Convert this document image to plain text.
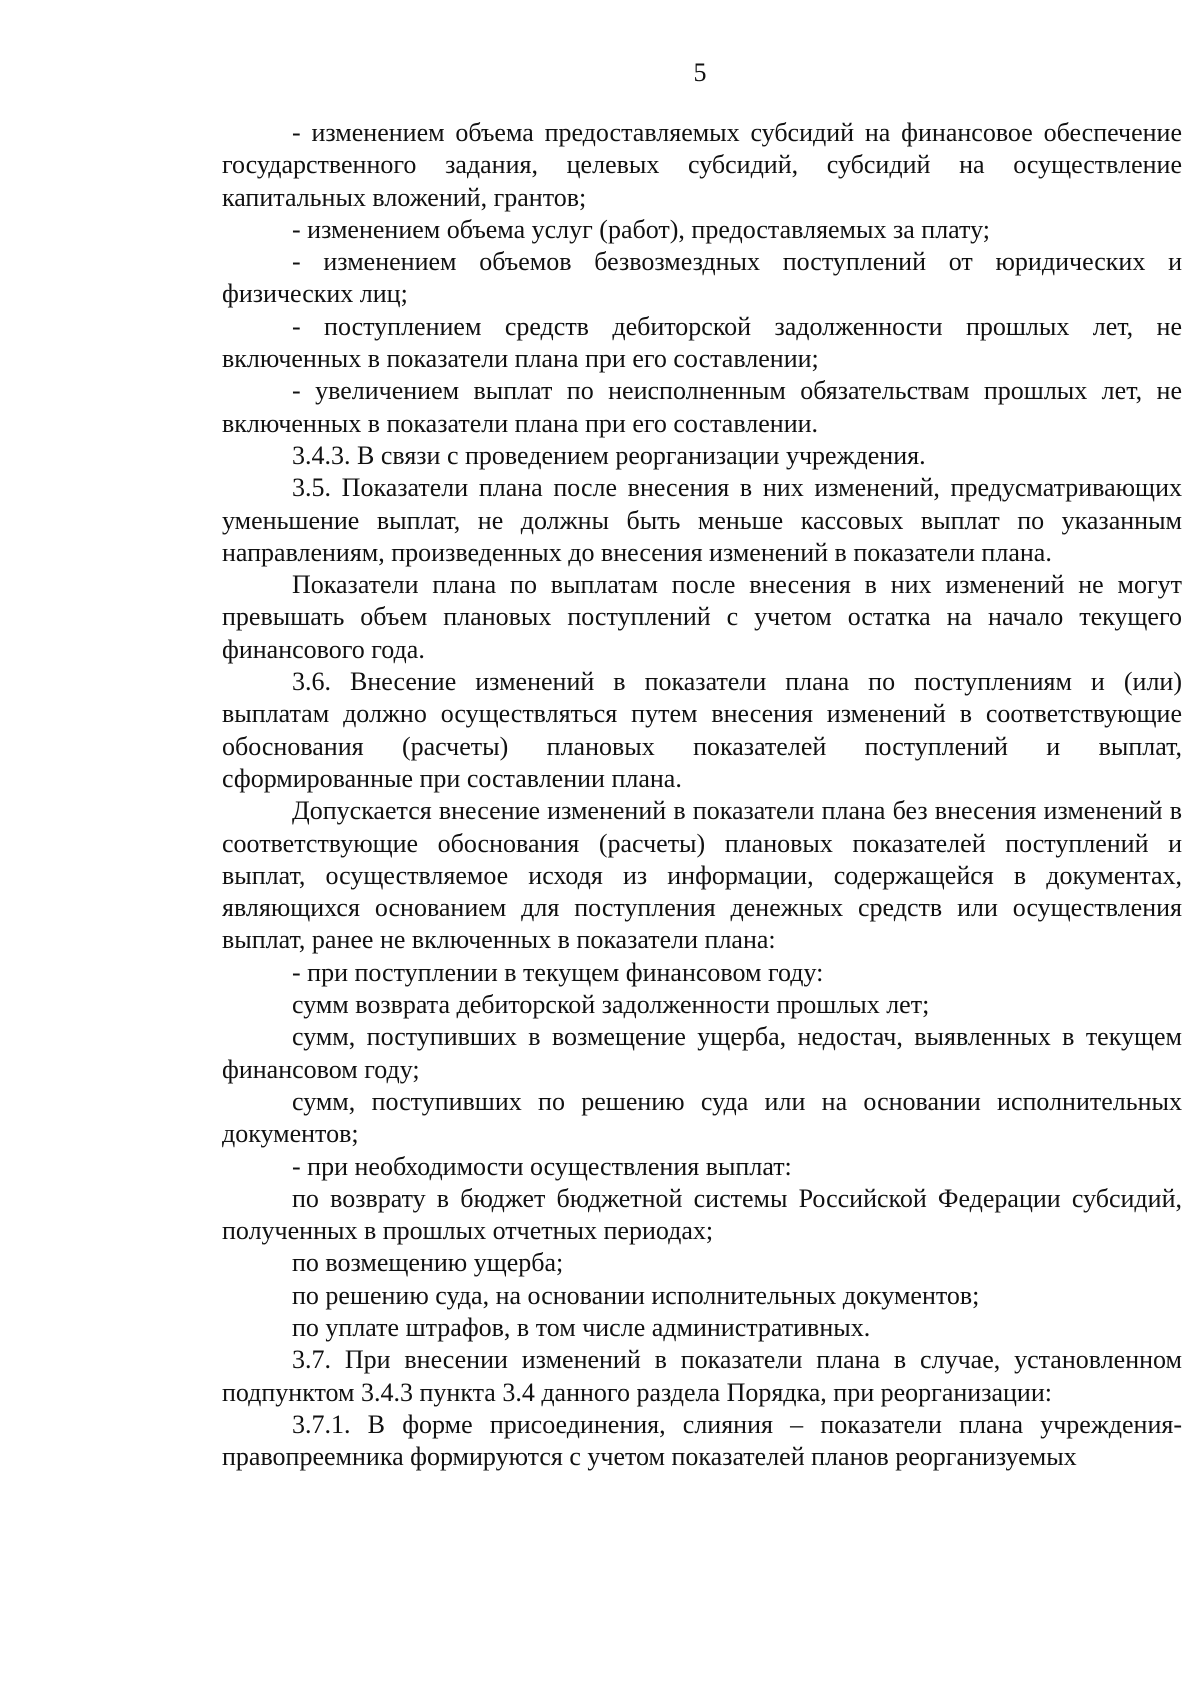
5

- изменением объема предоставляемых субсидий на финансовое обеспечение государственного задания, целевых субсидий, субсидий на осуществление капитальных вложений, грантов;

- изменением объема услуг (работ), предоставляемых за плату;

- изменением объемов безвозмездных поступлений от юридических и физических лиц;

- поступлением средств дебиторской задолженности прошлых лет, не включенных в показатели плана при его составлении;

- увеличением выплат по неисполненным обязательствам прошлых лет, не включенных в показатели плана при его составлении.

3.4.3. В связи с проведением реорганизации учреждения.

3.5. Показатели плана после внесения в них изменений, предусматривающих уменьшение выплат, не должны быть меньше кассовых выплат по указанным направлениям, произведенных до внесения изменений в показатели плана.

Показатели плана по выплатам после внесения в них изменений не могут превышать объем плановых поступлений с учетом остатка на начало текущего финансового года.

3.6. Внесение изменений в показатели плана по поступлениям и (или) выплатам должно осуществляться путем внесения изменений в соответствующие обоснования (расчеты) плановых показателей поступлений и выплат, сформированные при составлении плана.

Допускается внесение изменений в показатели плана без внесения изменений в соответствующие обоснования (расчеты) плановых показателей поступлений и выплат, осуществляемое исходя из информации, содержащейся в документах, являющихся основанием для поступления денежных средств или осуществления выплат, ранее не включенных в показатели плана:

- при поступлении в текущем финансовом году:

сумм возврата дебиторской задолженности прошлых лет;

сумм, поступивших в возмещение ущерба, недостач, выявленных в текущем финансовом году;

сумм, поступивших по решению суда или на основании исполнительных документов;

- при необходимости осуществления выплат:

по возврату в бюджет бюджетной системы Российской Федерации субсидий, полученных в прошлых отчетных периодах;

по возмещению ущерба;

по решению суда, на основании исполнительных документов;

по уплате штрафов, в том числе административных.

3.7. При внесении изменений в показатели плана в случае, установленном подпунктом 3.4.3 пункта 3.4 данного раздела Порядка, при реорганизации:

3.7.1. В форме присоединения, слияния – показатели плана учреждения-правопреемника формируются с учетом показателей планов реорганизуемых
